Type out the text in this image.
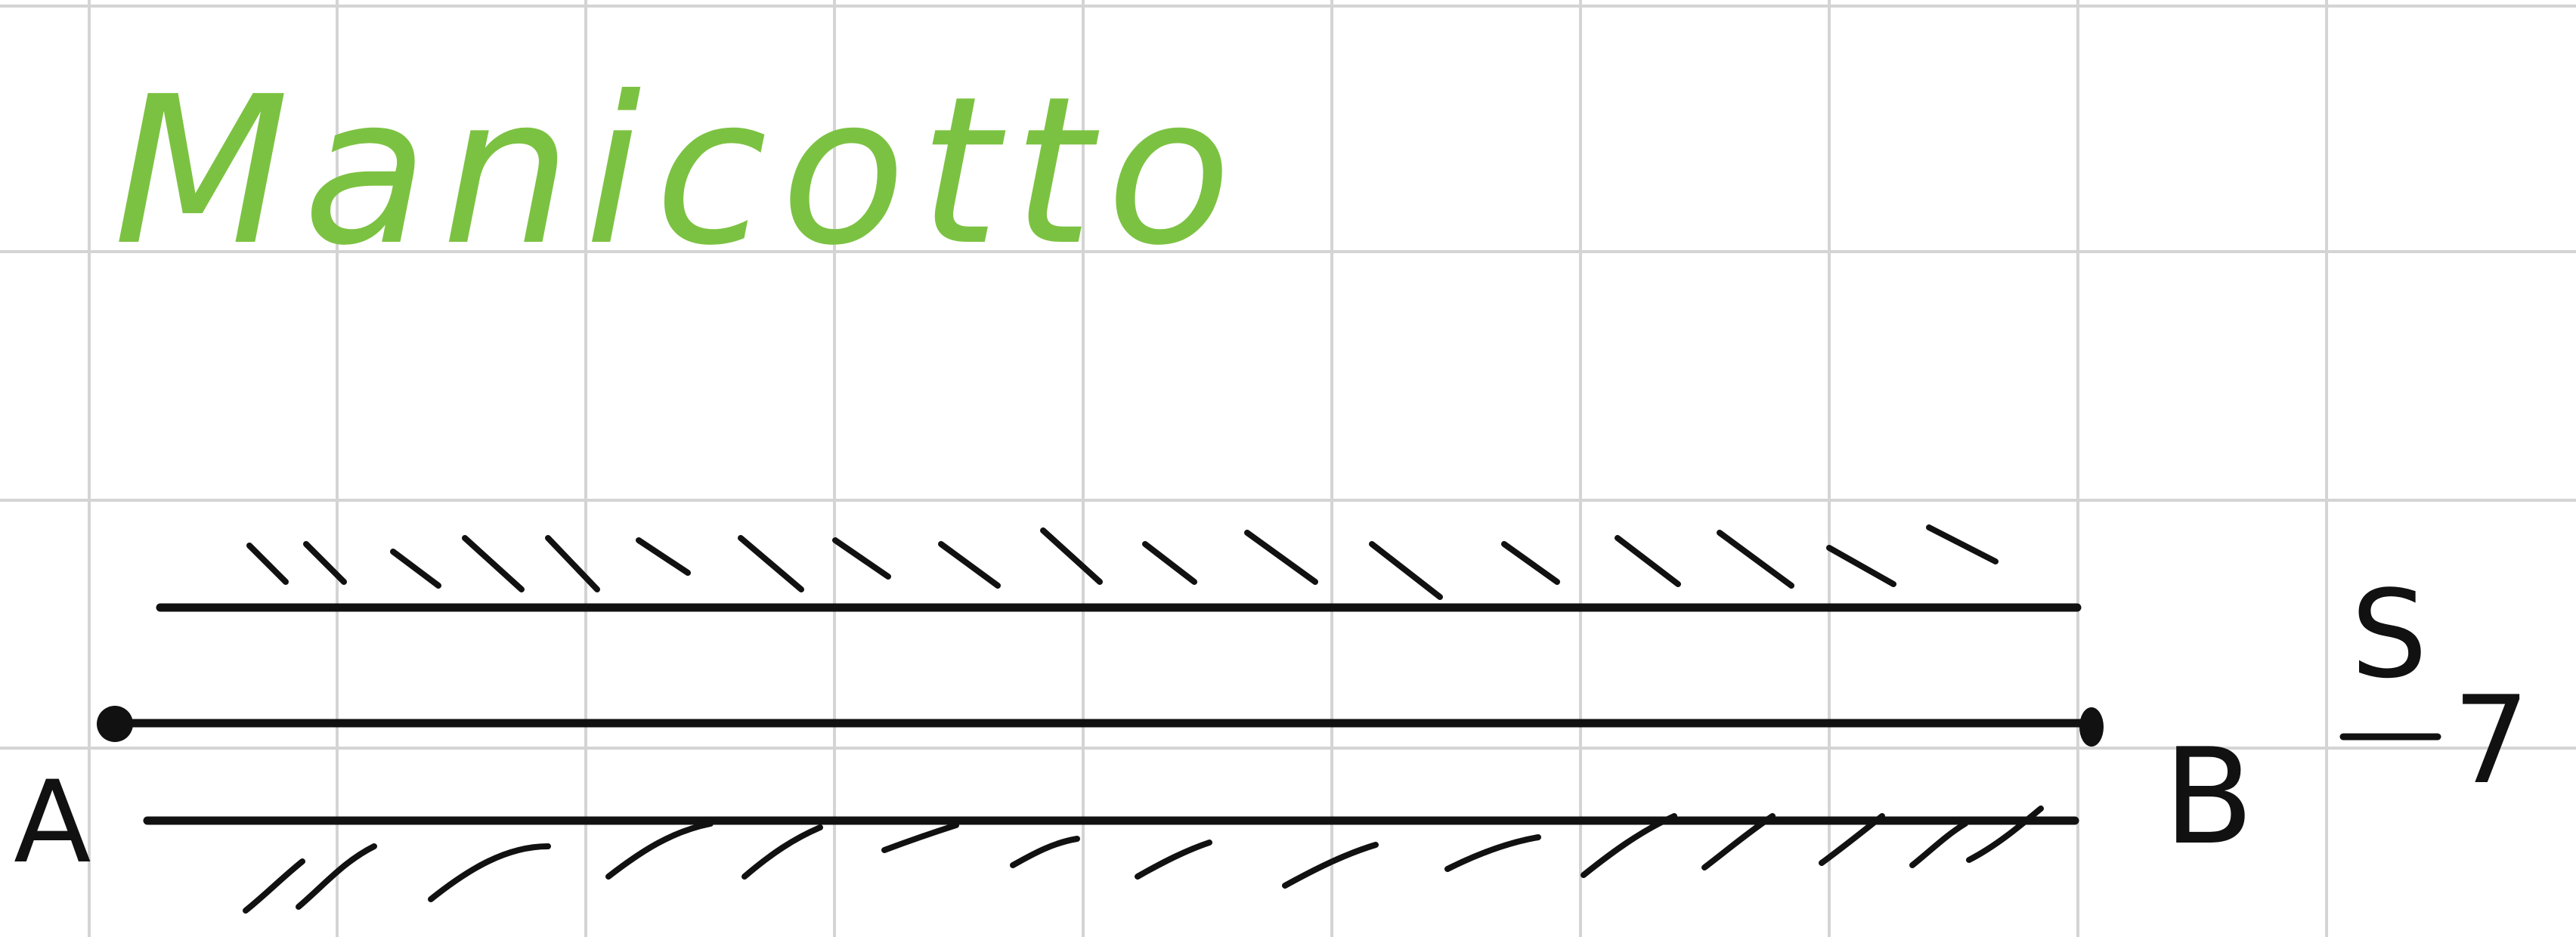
Manicotto
A	B
S
7
